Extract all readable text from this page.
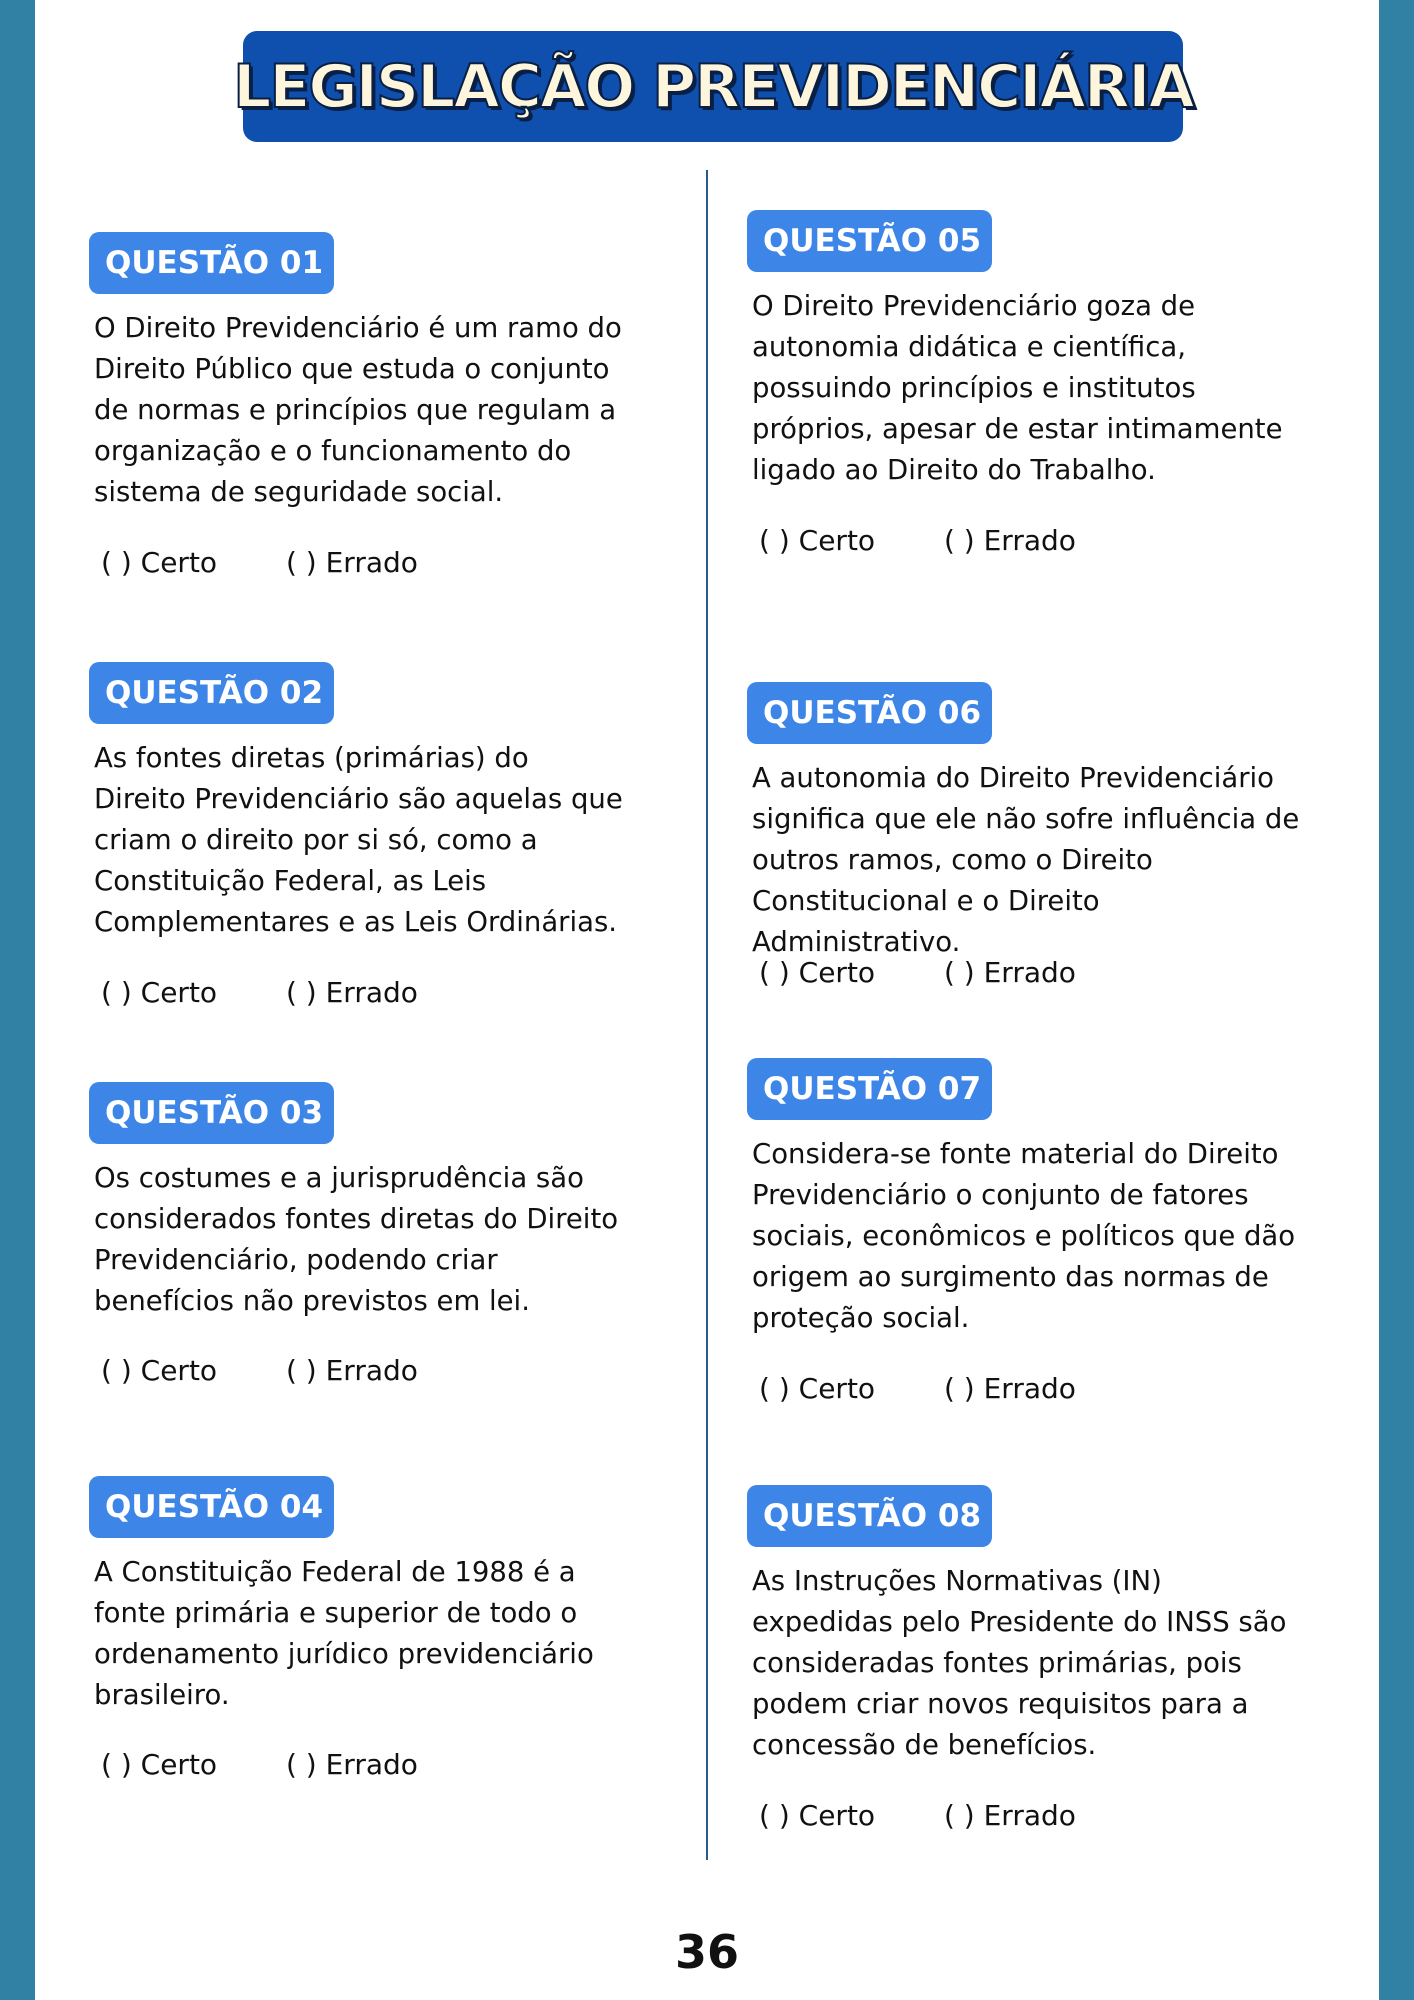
LEGISLAÇÃO PREVIDENCIÁRIA
QUESTÃO 01
O Direito Previdenciário é um ramo do
Direito Público que estuda o conjunto
de normas e princípios que regulam a
organização e o funcionamento do
sistema de seguridade social.
( ) Certo ( ) Errado
QUESTÃO 02
As fontes diretas (primárias) do
Direito Previdenciário são aquelas que
criam o direito por si só, como a
Constituição Federal, as Leis
Complementares e as Leis Ordinárias.
( ) Certo ( ) Errado
QUESTÃO 03
Os costumes e a jurisprudência são
considerados fontes diretas do Direito
Previdenciário, podendo criar
benefícios não previstos em lei.
( ) Certo ( ) Errado
QUESTÃO 04
A Constituição Federal de 1988 é a
fonte primária e superior de todo o
ordenamento jurídico previdenciário
brasileiro.
( ) Certo ( ) Errado
QUESTÃO 05
O Direito Previdenciário goza de
autonomia didática e científica,
possuindo princípios e institutos
próprios, apesar de estar intimamente
ligado ao Direito do Trabalho.
( ) Certo ( ) Errado
QUESTÃO 06
A autonomia do Direito Previdenciário
significa que ele não sofre influência de
outros ramos, como o Direito
Constitucional e o Direito
Administrativo.
( ) Certo ( ) Errado
QUESTÃO 07
Considera-se fonte material do Direito
Previdenciário o conjunto de fatores
sociais, econômicos e políticos que dão
origem ao surgimento das normas de
proteção social.
( ) Certo ( ) Errado
QUESTÃO 08
As Instruções Normativas (IN)
expedidas pelo Presidente do INSS são
consideradas fontes primárias, pois
podem criar novos requisitos para a
concessão de benefícios.
( ) Certo ( ) Errado
36
